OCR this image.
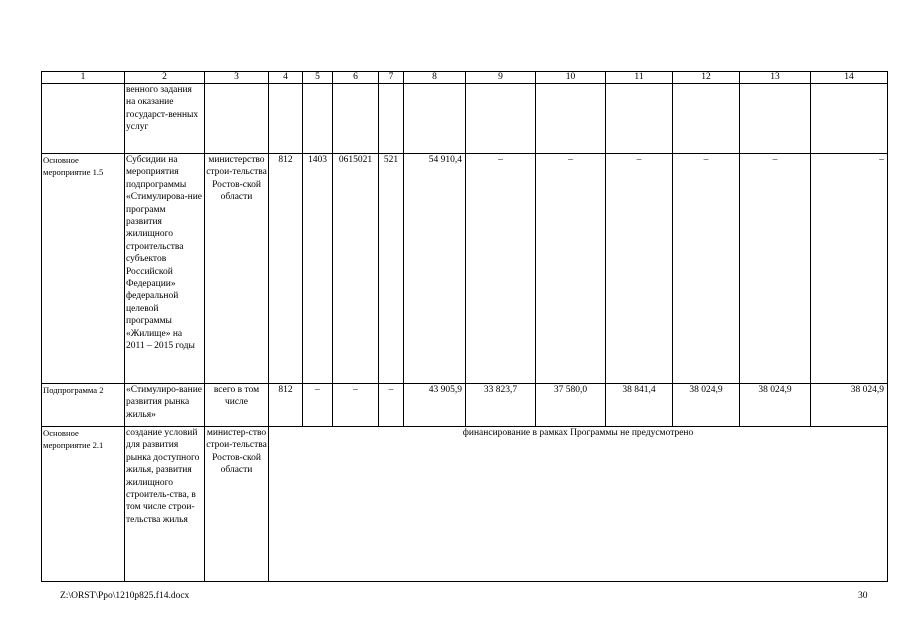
1	2	3	4	5	6	7	8	9	10	11	12	13	14
	венного задания на оказание государст-венных услуг												
Основное мероприятие 1.5	Субсидии на мероприятия подпрограммы «Стимулирова-ние программ развития жилищного строительства субъектов Российской Федерации» федеральной целевой программы «Жилище» на 2011 – 2015 годы	министерство строи-тельства Ростов-ской области	812	1403	0615021	521	54 910,4	–	–	–	–	–	–
Подпрограмма 2	«Стимулиро-вание развития рынка жилья»	всего в том числе	812	–	–	–	43 905,9	33 823,7	37 580,0	38 841,4	38 024,9	38 024,9	38 024,9
Основное мероприятие 2.1	создание условий для развития рынка доступного жилья, развития жилищного строитель-ства, в том числе строи-тельства жилья	министер-ство строи-тельства Ростов-ской области	финансирование в рамках Программы не предусмотрено										
Z:\ORST\Ppo\1210p825.f14.docx	30
